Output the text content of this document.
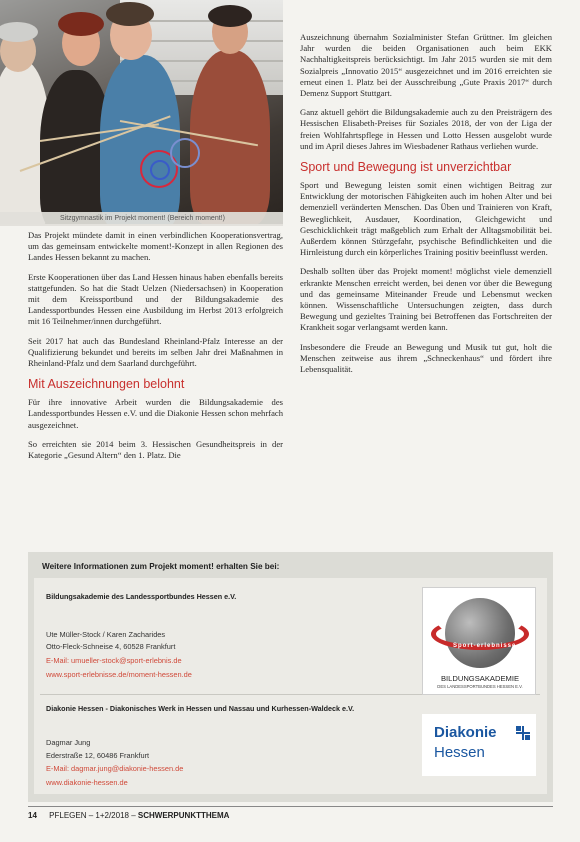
Sitzgymnastik im Projekt moment! (Bereich moment!)

Das Projekt mündete damit in einen verbindlichen Kooperationsvertrag, um das gemeinsam entwickelte moment!-Konzept in allen Regionen des Landes Hessen bekannt zu machen.

Erste Kooperationen über das Land Hessen hinaus haben ebenfalls bereits stattgefunden. So hat die Stadt Uelzen (Niedersachsen) in Kooperation mit dem Kreissportbund und der Bildungsakademie des Landessportbundes Hessen eine Ausbildung im Herbst 2013 erfolgreich mit 16 Teilnehmer/innen durchgeführt.

Seit 2017 hat auch das Bundesland Rheinland-Pfalz Interesse an der Qualifizierung bekundet und bereits im selben Jahr drei Maßnahmen in Rheinland-Pfalz und dem Saarland durchgeführt.

Mit Auszeichnungen belohnt

Für ihre innovative Arbeit wurden die Bildungsakademie des Landessportbundes Hessen e.V. und die Diakonie Hessen schon mehrfach ausgezeichnet.

So erreichten sie 2014 beim 3. Hessischen Gesundheitspreis in der Kategorie „Gesund Altern“ den 1. Platz. Die

Auszeichnung übernahm Sozialminister Stefan Grüttner. Im gleichen Jahr wurden die beiden Organisationen auch beim EKK Nachhaltigkeitspreis berücksichtigt. Im Jahr 2015 wurden sie mit dem Sozialpreis „Innovatio 2015“ ausgezeichnet und im 2016 erreichten sie erneut einen 1. Platz bei der Ausschreibung „Gute Praxis 2017“ durch Demenz Support Stuttgart.

Ganz aktuell gehört die Bildungsakademie auch zu den Preisträgern des Hessischen Elisabeth-Preises für Soziales 2018, der von der Liga der freien Wohlfahrtspflege in Hessen und Lotto Hessen ausgelobt wurde und im April dieses Jahres im Wiesbadener Rathaus verliehen wurde.

Sport und Bewegung ist unverzichtbar

Sport und Bewegung leisten somit einen wichtigen Beitrag zur Entwicklung der motorischen Fähigkeiten auch im hohen Alter und bei demenziell veränderten Menschen. Das Üben und Trainieren von Kraft, Beweglichkeit, Ausdauer, Koordination, Gleichgewicht und Geschicklichkeit trägt maßgeblich zum Erhalt der Alltagsmobilität bei. Außerdem können Stürzgefahr, psychische Befindlichkeiten und die Hirnleistung durch ein körperliches Training positiv beeinflusst werden.

Deshalb sollten über das Projekt moment! möglichst viele demenziell erkrankte Menschen erreicht werden, bei denen vor über die Bewegung und das gemeinsame Miteinander Freude und Lebensmut wecken können. Wissenschaftliche Untersuchungen zeigten, dass durch Bewegung und gezieltes Training bei Betroffenen das Fortschreiten der Krankheit sogar verlangsamt werden kann.

Insbesondere die Freude an Bewegung und Musik tut gut, holt die Menschen zeitweise aus ihrem „Schneckenhaus“ und fördert ihre Lebensqualität.

Weitere Informationen zum Projekt moment! erhalten Sie bei:
Bildungsakademie des Landessportbundes Hessen e.V.
Ute Müller-Stock / Karen Zacharides
Otto-Fleck-Schneise 4, 60528 Frankfurt
E-Mail: umueller-stock@sport-erlebnis.de
www.sport-erlebnisse.de/moment-hessen.de
Diakonie Hessen - Diakonisches Werk in Hessen und Nassau und Kurhessen-Waldeck e.V.
Dagmar Jung
Ederstraße 12, 60486 Frankfurt
E-Mail: dagmar.jung@diakonie-hessen.de
www.diakonie-hessen.de
Sport-erlebnisse
BILDUNGSAKADEMIE
DES LANDESSPORTBUNDES HESSEN E.V.
Diakonie
Hessen
14 PFLEGEN – 1+2/2018 – SCHWERPUNKTTHEMA
